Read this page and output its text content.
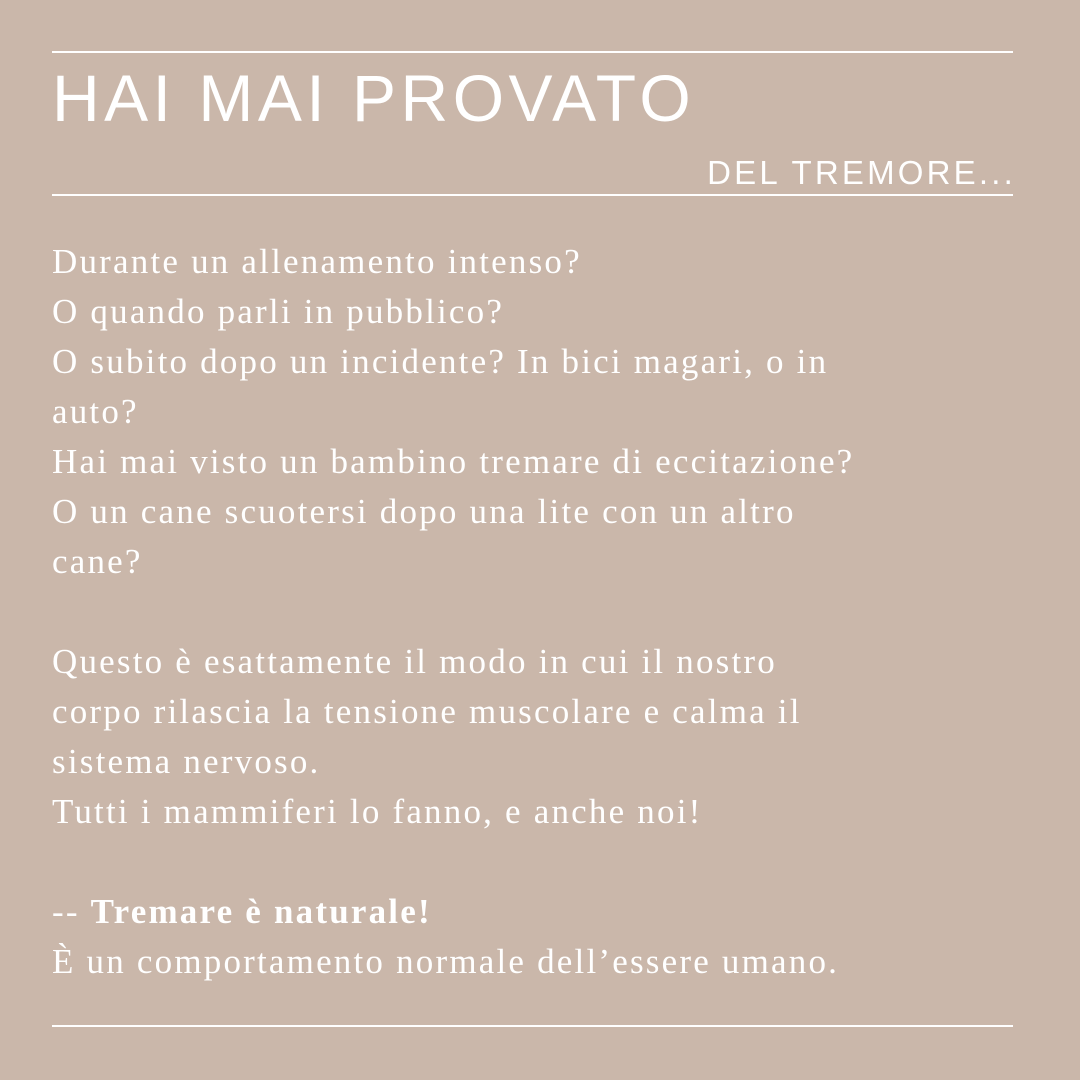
HAI MAI PROVATO
DEL TREMORE...
Durante un allenamento intenso?
O quando parli in pubblico?
O subito dopo un incidente? In bici magari, o in
auto?
Hai mai visto un bambino tremare di eccitazione?
O un cane scuotersi dopo una lite con un altro
cane?
Questo è esattamente il modo in cui il nostro
corpo rilascia la tensione muscolare e calma il
sistema nervoso.
Tutti i mammiferi lo fanno, e anche noi!
-- Tremare è naturale!
È un comportamento normale dell’essere umano.
